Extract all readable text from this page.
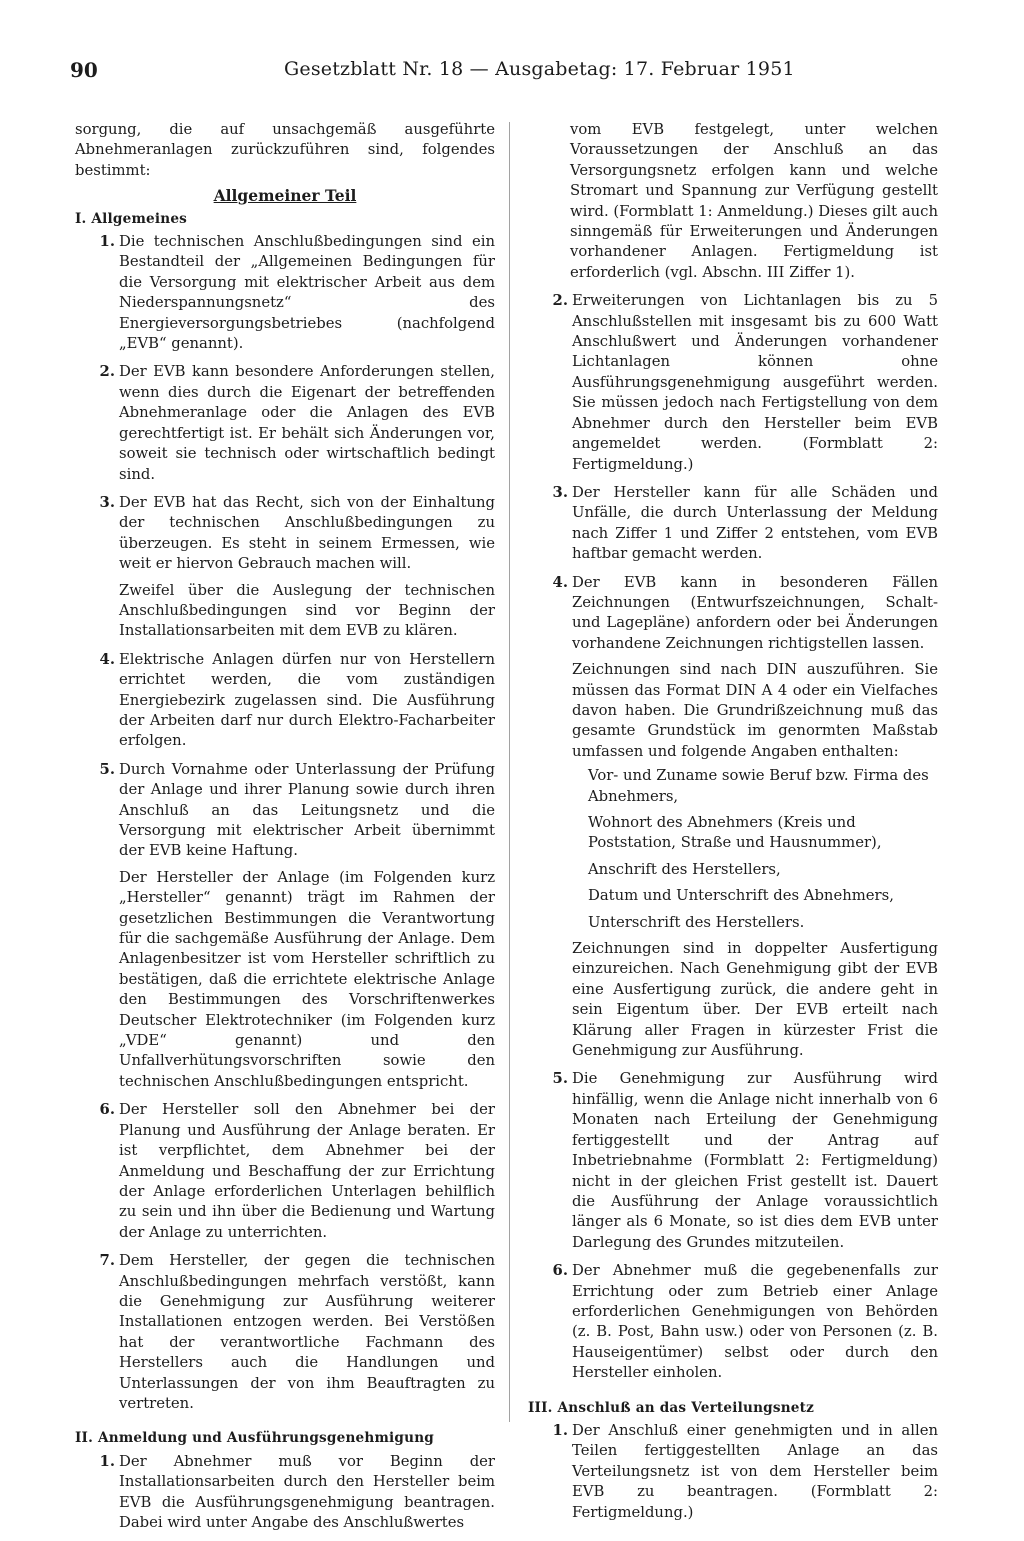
90	Gesetzblatt Nr. 18 — Ausgabetag: 17. Februar 1951

sorgung, die auf unsachgemäß ausgeführte Abnehmeranlagen zurückzuführen sind, folgendes bestimmt:

Allgemeiner Teil

I. Allgemeines

1. Die technischen Anschlußbedingungen sind ein Bestandteil der „Allgemeinen Bedingungen für die Versorgung mit elektrischer Arbeit aus dem Niederspannungsnetz“ des Energieversorgungsbetriebes (nachfolgend „EVB“ genannt).

2. Der EVB kann besondere Anforderungen stellen, wenn dies durch die Eigenart der betreffenden Abnehmeranlage oder die Anlagen des EVB gerechtfertigt ist. Er behält sich Änderungen vor, soweit sie technisch oder wirtschaftlich bedingt sind.

3. Der EVB hat das Recht, sich von der Einhaltung der technischen Anschlußbedingungen zu überzeugen. Es steht in seinem Ermessen, wie weit er hiervon Gebrauch machen will.

Zweifel über die Auslegung der technischen Anschlußbedingungen sind vor Beginn der Installationsarbeiten mit dem EVB zu klären.

4. Elektrische Anlagen dürfen nur von Herstellern errichtet werden, die vom zuständigen Energiebezirk zugelassen sind. Die Ausführung der Arbeiten darf nur durch Elektro-Facharbeiter erfolgen.

5. Durch Vornahme oder Unterlassung der Prüfung der Anlage und ihrer Planung sowie durch ihren Anschluß an das Leitungsnetz und die Versorgung mit elektrischer Arbeit übernimmt der EVB keine Haftung.

Der Hersteller der Anlage (im Folgenden kurz „Hersteller“ genannt) trägt im Rahmen der gesetzlichen Bestimmungen die Verantwortung für die sachgemäße Ausführung der Anlage. Dem Anlagenbesitzer ist vom Hersteller schriftlich zu bestätigen, daß die errichtete elektrische Anlage den Bestimmungen des Vorschriftenwerkes Deutscher Elektrotechniker (im Folgenden kurz „VDE“ genannt) und den Unfallverhütungsvorschriften sowie den technischen Anschlußbedingungen entspricht.

6. Der Hersteller soll den Abnehmer bei der Planung und Ausführung der Anlage beraten. Er ist verpflichtet, dem Abnehmer bei der Anmeldung und Beschaffung der zur Errichtung der Anlage erforderlichen Unterlagen behilflich zu sein und ihn über die Bedienung und Wartung der Anlage zu unterrichten.

7. Dem Hersteller, der gegen die technischen Anschlußbedingungen mehrfach verstößt, kann die Genehmigung zur Ausführung weiterer Installationen entzogen werden. Bei Verstößen hat der verantwortliche Fachmann des Herstellers auch die Handlungen und Unterlassungen der von ihm Beauftragten zu vertreten.

II. Anmeldung und Ausführungsgenehmigung

1. Der Abnehmer muß vor Beginn der Installationsarbeiten durch den Hersteller beim EVB die Ausführungsgenehmigung beantragen. Dabei wird unter Angabe des Anschlußwertes

vom EVB festgelegt, unter welchen Voraussetzungen der Anschluß an das Versorgungsnetz erfolgen kann und welche Stromart und Spannung zur Verfügung gestellt wird. (Formblatt 1: Anmeldung.) Dieses gilt auch sinngemäß für Erweiterungen und Änderungen vorhandener Anlagen. Fertigmeldung ist erforderlich (vgl. Abschn. III Ziffer 1).

2. Erweiterungen von Lichtanlagen bis zu 5 Anschlußstellen mit insgesamt bis zu 600 Watt Anschlußwert und Änderungen vorhandener Lichtanlagen können ohne Ausführungsgenehmigung ausgeführt werden. Sie müssen jedoch nach Fertigstellung von dem Abnehmer durch den Hersteller beim EVB angemeldet werden. (Formblatt 2: Fertigmeldung.)

3. Der Hersteller kann für alle Schäden und Unfälle, die durch Unterlassung der Meldung nach Ziffer 1 und Ziffer 2 entstehen, vom EVB haftbar gemacht werden.

4. Der EVB kann in besonderen Fällen Zeichnungen (Entwurfszeichnungen, Schalt- und Lagepläne) anfordern oder bei Änderungen vorhandene Zeichnungen richtigstellen lassen.

Zeichnungen sind nach DIN auszuführen. Sie müssen das Format DIN A 4 oder ein Vielfaches davon haben. Die Grundrißzeichnung muß das gesamte Grundstück im genormten Maßstab umfassen und folgende Angaben enthalten:

Vor- und Zuname sowie Beruf bzw. Firma des Abnehmers,

Wohnort des Abnehmers (Kreis und Poststation, Straße und Hausnummer),

Anschrift des Herstellers,

Datum und Unterschrift des Abnehmers,

Unterschrift des Herstellers.

Zeichnungen sind in doppelter Ausfertigung einzureichen. Nach Genehmigung gibt der EVB eine Ausfertigung zurück, die andere geht in sein Eigentum über. Der EVB erteilt nach Klärung aller Fragen in kürzester Frist die Genehmigung zur Ausführung.

5. Die Genehmigung zur Ausführung wird hinfällig, wenn die Anlage nicht innerhalb von 6 Monaten nach Erteilung der Genehmigung fertiggestellt und der Antrag auf Inbetriebnahme (Formblatt 2: Fertigmeldung) nicht in der gleichen Frist gestellt ist. Dauert die Ausführung der Anlage voraussichtlich länger als 6 Monate, so ist dies dem EVB unter Darlegung des Grundes mitzuteilen.

6. Der Abnehmer muß die gegebenenfalls zur Errichtung oder zum Betrieb einer Anlage erforderlichen Genehmigungen von Behörden (z. B. Post, Bahn usw.) oder von Personen (z. B. Hauseigentümer) selbst oder durch den Hersteller einholen.

III. Anschluß an das Verteilungsnetz

1. Der Anschluß einer genehmigten und in allen Teilen fertiggestellten Anlage an das Verteilungsnetz ist von dem Hersteller beim EVB zu beantragen. (Formblatt 2: Fertigmeldung.)
